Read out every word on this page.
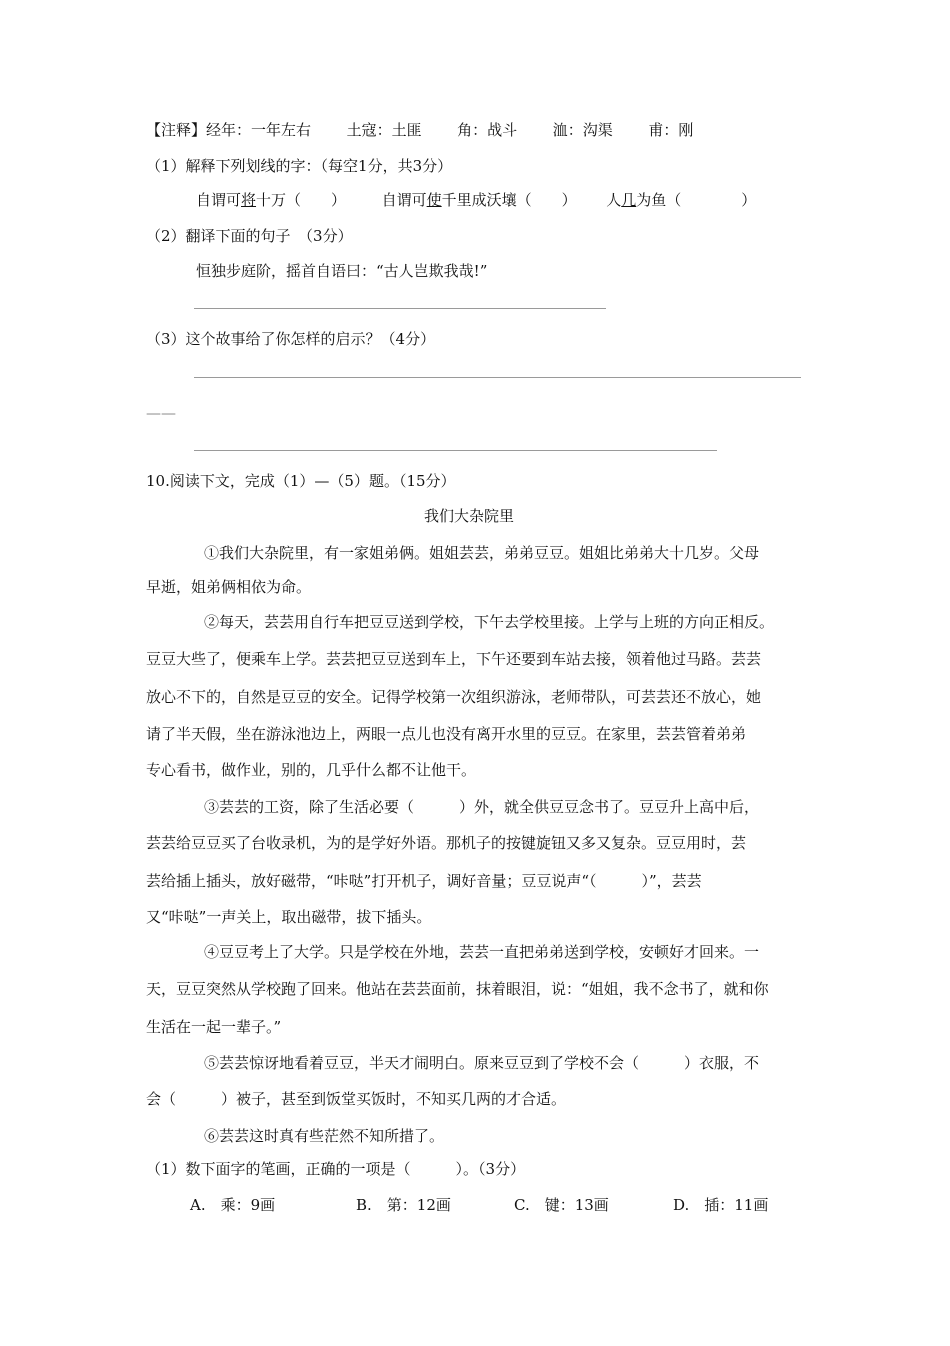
【注释】经年：一年左右 土寇：土匪 角：战斗 洫：沟渠 甫：刚
（1）解释下列划线的字：（每空1分，共3分）
自谓可将十万（　　） 自谓可使千里成沃壤（　　） 人几为鱼（　　　　）
（2）翻译下面的句子　（3分）
恒独步庭阶，摇首自语曰：“古人岂欺我哉!”
（3）这个故事给了你怎样的启示？（4分）
——
10.阅读下文，完成（1）—（5）题。（15分）
我们大杂院里
①我们大杂院里，有一家姐弟俩。姐姐芸芸，弟弟豆豆。姐姐比弟弟大十几岁。父母
早逝，姐弟俩相依为命。
②每天，芸芸用自行车把豆豆送到学校，下午去学校里接。上学与上班的方向正相反。
豆豆大些了，便乘车上学。芸芸把豆豆送到车上，下午还要到车站去接，领着他过马路。芸芸
放心不下的，自然是豆豆的安全。记得学校第一次组织游泳，老师带队，可芸芸还不放心，她
请了半天假，坐在游泳池边上，两眼一点儿也没有离开水里的豆豆。在家里，芸芸管着弟弟
专心看书，做作业，别的，几乎什么都不让他干。
③芸芸的工资，除了生活必要（　　　）外，就全供豆豆念书了。豆豆升上高中后，
芸芸给豆豆买了台收录机，为的是学好外语。那机子的按键旋钮又多又复杂。豆豆用时，芸
芸给插上插头，放好磁带，“咔哒”打开机子，调好音量；豆豆说声“（　　　）”，芸芸
又“咔哒”一声关上，取出磁带，拔下插头。
④豆豆考上了大学。只是学校在外地，芸芸一直把弟弟送到学校，安顿好才回来。一
天，豆豆突然从学校跑了回来。他站在芸芸面前，抹着眼泪，说：“姐姐，我不念书了，就和你
生活在一起一辈子。”
⑤芸芸惊讶地看着豆豆，半天才闹明白。原来豆豆到了学校不会（　　　）衣服，不
会（　　　）被子，甚至到饭堂买饭时，不知买几两的才合适。
⑥芸芸这时真有些茫然不知所措了。
（1）数下面字的笔画，正确的一项是（　　　）。（3分）
A.　乘：9画	B.　第：12画	C.　键：13画	D.　插：11画
